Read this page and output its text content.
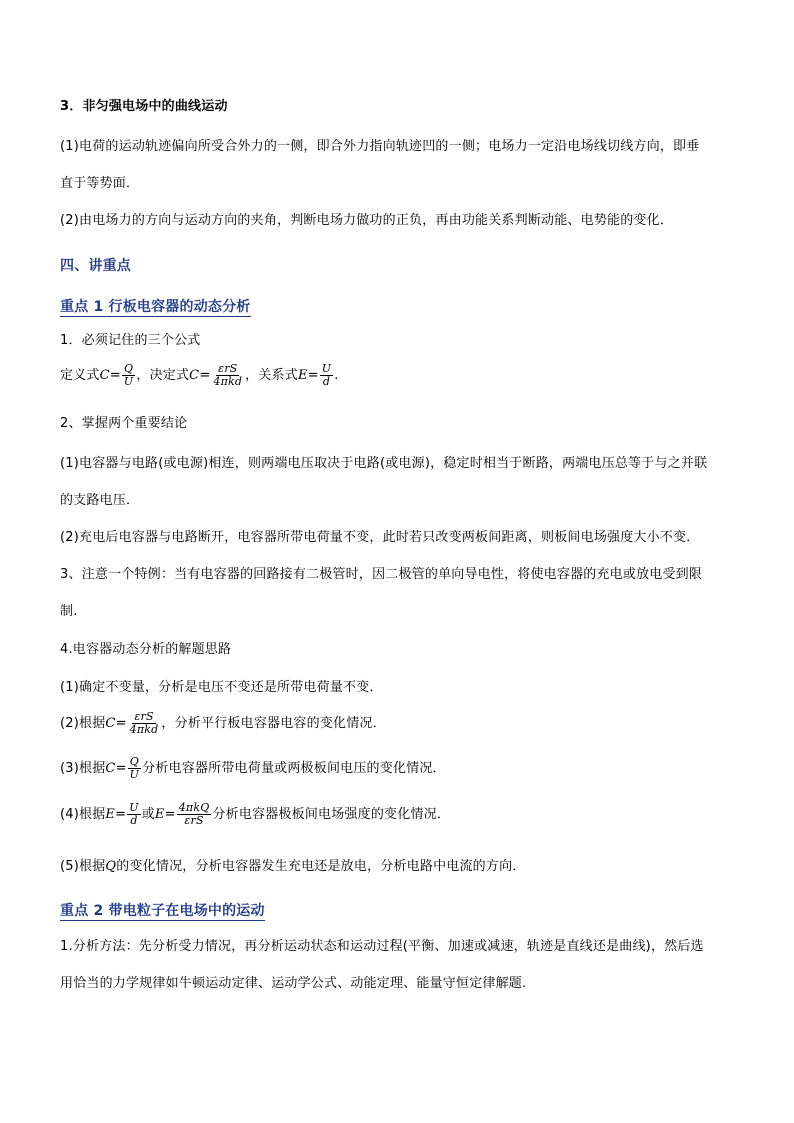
3．非匀强电场中的曲线运动
(1)电荷的运动轨迹偏向所受合外力的一侧，即合外力指向轨迹凹的一侧；电场力一定沿电场线切线方向，即垂
直于等势面．
(2)由电场力的方向与运动方向的夹角，判断电场力做功的正负，再由功能关系判断动能、电势能的变化．
四、讲重点
重点 1 行板电容器的动态分析
1．必须记住的三个公式
定义式$C= \frac{Q}{U}$ ，决定式$C= \frac{\text{εrS}}{\text{4πkd}}$ ，关系式$E= \frac{U}{d}$ .
2、掌握两个重要结论
(1)电容器与电路(或电源)相连，则两端电压取决于电路(或电源)，稳定时相当于断路，两端电压总等于与之并联
的支路电压．
(2)充电后电容器与电路断开，电容器所带电荷量不变，此时若只改变两板间距离，则板间电场强度大小不变．
3、注意一个特例：当有电容器的回路接有二极管时，因二极管的单向导电性，将使电容器的充电或放电受到限
制.
4.电容器动态分析的解题思路
(1)确定不变量，分析是电压不变还是所带电荷量不变．
(2)根据$C= \frac{\text{εrS}}{\text{4πkd}}$ ，分析平行板电容器电容的变化情况．
(3)根据$C= \frac{Q}{U}$ 分析电容器所带电荷量或两极板间电压的变化情况．
(4)根据$E= \frac{U}{d}$ 或$E= \frac{\text{4πkQ}}{\text{εrS}}$ 分析电容器极板间电场强度的变化情况．
(5)根据Q的变化情况，分析电容器发生充电还是放电，分析电路中电流的方向．
重点 2 带电粒子在电场中的运动
1.分析方法：先分析受力情况，再分析运动状态和运动过程(平衡、加速或减速，轨迹是直线还是曲线)，然后选
用恰当的力学规律如牛顿运动定律、运动学公式、动能定理、能量守恒定律解题.
